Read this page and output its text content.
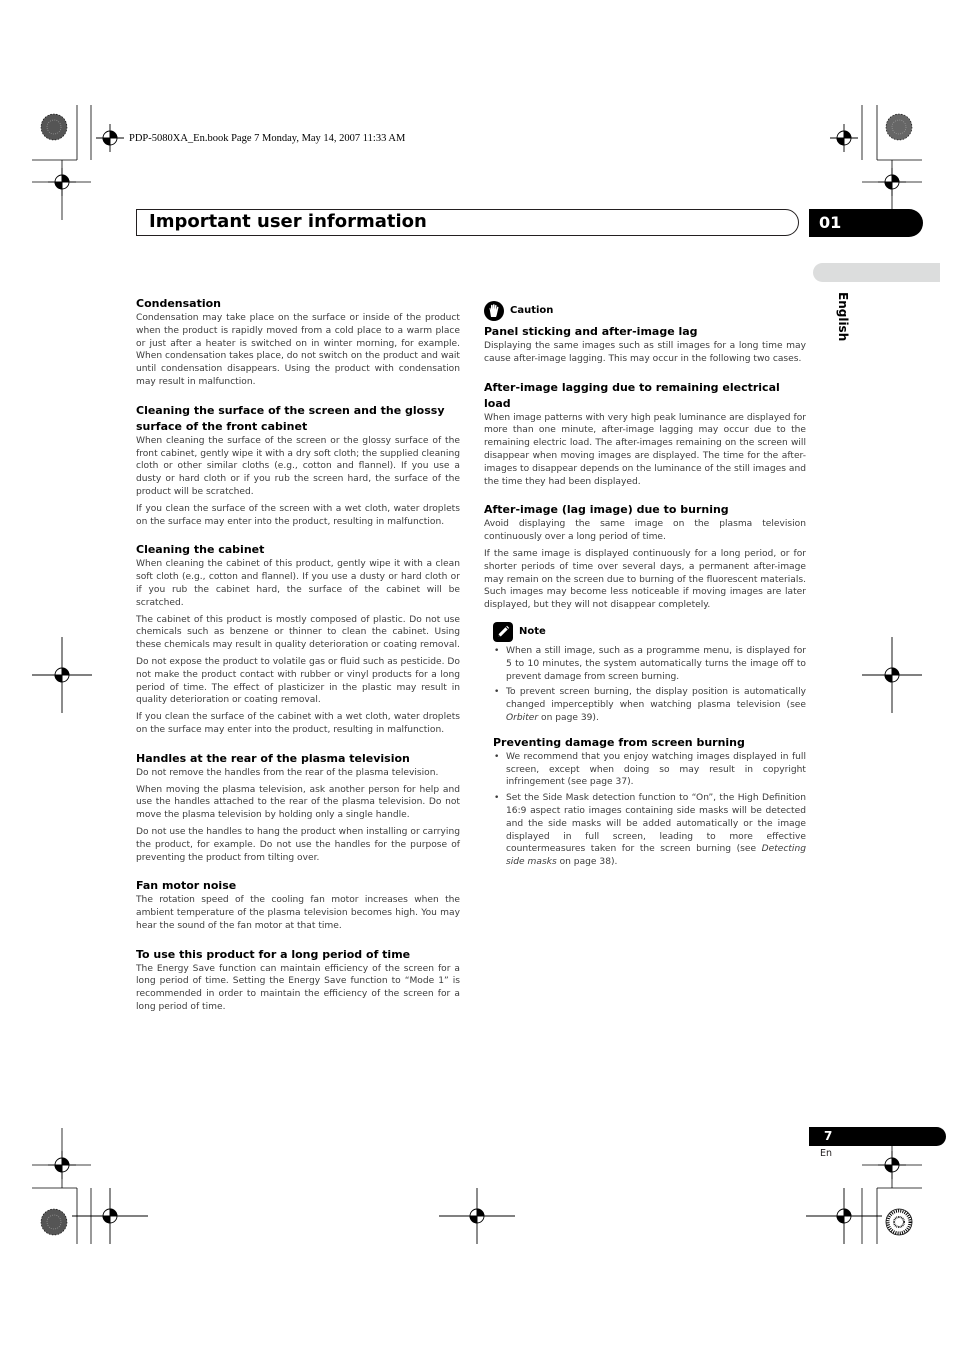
PDP-5080XA_En.book Page 7 Monday, May 14, 2007 11:33 AM
Important user information	01
English
Condensation

Condensation may take place on the surface or inside of the product when the product is rapidly moved from a cold place to a warm place or just after a heater is switched on in winter morning, for example. When condensation takes place, do not switch on the product and wait until condensation disappears. Using the product with condensation may result in malfunction.

Cleaning the surface of the screen and the glossy surface of the front cabinet

When cleaning the surface of the screen or the glossy surface of the front cabinet, gently wipe it with a dry soft cloth; the supplied cleaning cloth or other similar cloths (e.g., cotton and flannel). If you use a dusty or hard cloth or if you rub the screen hard, the surface of the product will be scratched.

If you clean the surface of the screen with a wet cloth, water droplets on the surface may enter into the product, resulting in malfunction.

Cleaning the cabinet

When cleaning the cabinet of this product, gently wipe it with a clean soft cloth (e.g., cotton and flannel). If you use a dusty or hard cloth or if you rub the cabinet hard, the surface of the cabinet will be scratched.

The cabinet of this product is mostly composed of plastic. Do not use chemicals such as benzene or thinner to clean the cabinet. Using these chemicals may result in quality deterioration or coating removal.

Do not expose the product to volatile gas or fluid such as pesticide. Do not make the product contact with rubber or vinyl products for a long period of time. The effect of plasticizer in the plastic may result in quality deterioration or coating removal.

If you clean the surface of the cabinet with a wet cloth, water droplets on the surface may enter into the product, resulting in malfunction.

Handles at the rear of the plasma television

Do not remove the handles from the rear of the plasma television.

When moving the plasma television, ask another person for help and use the handles attached to the rear of the plasma television. Do not move the plasma television by holding only a single handle.

Do not use the handles to hang the product when installing or carrying the product, for example. Do not use the handles for the purpose of preventing the product from tilting over.

Fan motor noise

The rotation speed of the cooling fan motor increases when the ambient temperature of the plasma television becomes high. You may hear the sound of the fan motor at that time.

To use this product for a long period of time

The Energy Save function can maintain efficiency of the screen for a long period of time. Setting the Energy Save function to “Mode 1” is recommended in order to maintain the efficiency of the screen for a long period of time.

Caution
Panel sticking and after-image lag

Displaying the same images such as still images for a long time may cause after-image lagging. This may occur in the following two cases.

After-image lagging due to remaining electrical load

When image patterns with very high peak luminance are displayed for more than one minute, after-image lagging may occur due to the remaining electric load. The after-images remaining on the screen will disappear when moving images are displayed. The time for the after-images to disappear depends on the luminance of the still images and the time they had been displayed.

After-image (lag image) due to burning

Avoid displaying the same image on the plasma television continuously over a long period of time.

If the same image is displayed continuously for a long period, or for shorter periods of time over several days, a permanent after-image may remain on the screen due to burning of the fluorescent materials. Such images may become less noticeable if moving images are later displayed, but they will not disappear completely.

Note
• When a still image, such as a programme menu, is displayed for 5 to 10 minutes, the system automatically turns the image off to prevent damage from screen burning.
• To prevent screen burning, the display position is automatically changed imperceptibly when watching plasma television (see Orbiter on page 39).
Preventing damage from screen burning
• We recommend that you enjoy watching images displayed in full screen, except when doing so may result in copyright infringement (see page 37).
• Set the Side Mask detection function to “On”, the High Definition 16:9 aspect ratio images containing side masks will be detected and the side masks will be added automatically or the image displayed in full screen, leading to more effective countermeasures taken for the screen burning (see Detecting side masks on page 38).
7
En
